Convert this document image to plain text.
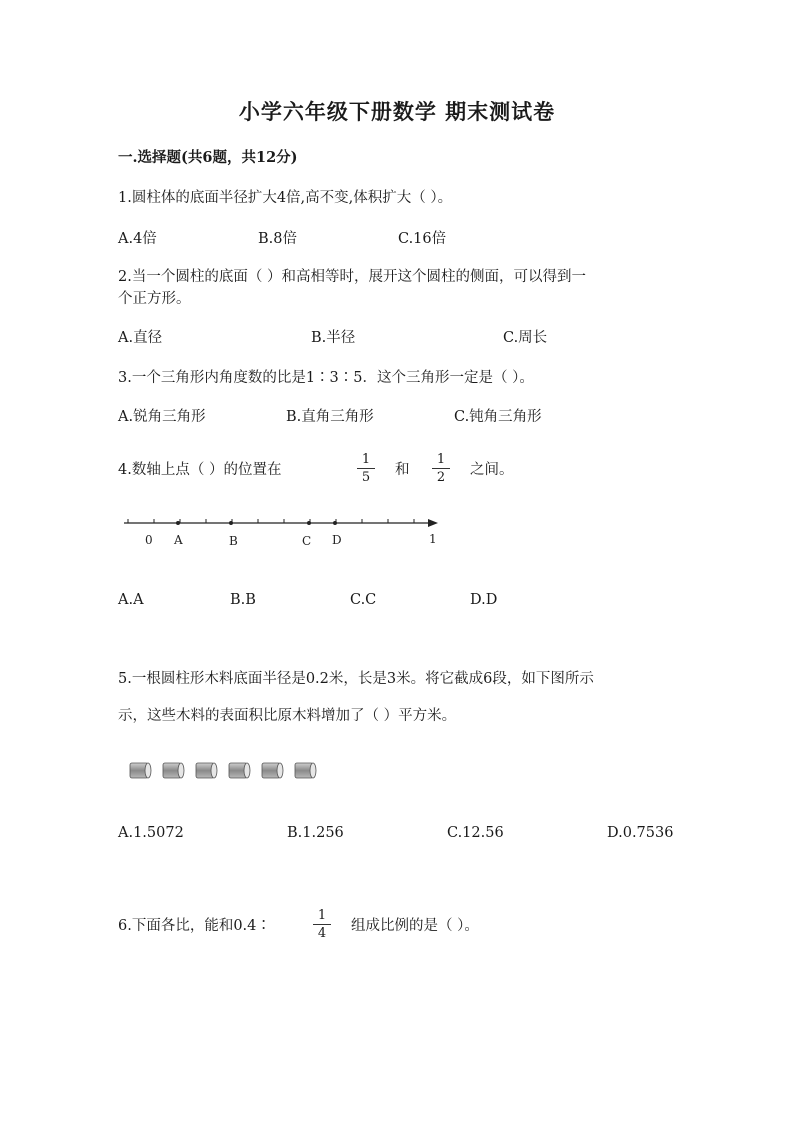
小学六年级下册数学 期末测试卷
一.选择题(共6题，共12分)
1.圆柱体的底面半径扩大4倍,高不变,体积扩大（ ）。
A.4倍	B.8倍	C.16倍
2.当一个圆柱的底面（ ）和高相等时，展开这个圆柱的侧面，可以得到一
个正方形。
A.直径	B.半径	C.周长
3.一个三角形内角度数的比是1∶3∶5．这个三角形一定是（ ）。
A.锐角三角形	B.直角三角形	C.钝角三角形
4.数轴上点（ ）的位置在
1
5	和
1
2	之间。
0 A	B	C D	1
A.A	B.B	C.C	D.D
5.一根圆柱形木料底面半径是0.2米，长是3米。将它截成6段，如下图所示
示，这些木料的表面积比原木料增加了（ ）平方米。
A.1.5072	B.1.256	C.12.56	D.0.7536
6.下面各比，能和0.4∶
1
4	组成比例的是（ ）。
